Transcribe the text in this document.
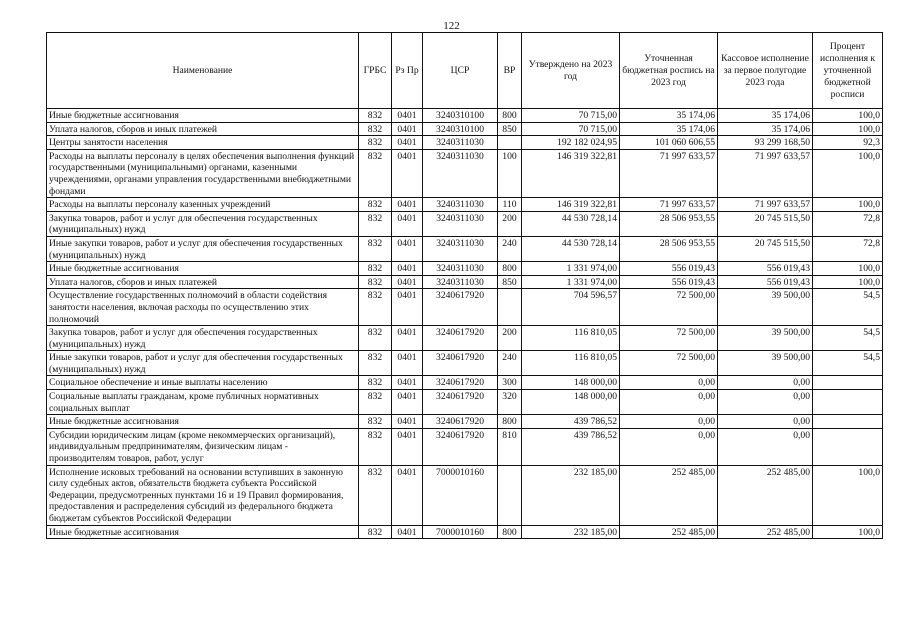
122
Наименование	ГРБС	Рз Пр	ЦСР	ВР	Утверждено на 2023 год	Уточненная бюджетная роспись на 2023 год	Кассовое исполнение за первое полугодие 2023 года	Процент исполнения к уточненной бюджетной росписи
Иные бюджетные ассигнования	832	0401	3240310100	800	70 715,00	35 174,06	35 174,06	100,0
Уплата налогов, сборов и иных платежей	832	0401	3240310100	850	70 715,00	35 174,06	35 174,06	100,0
Центры занятости населения	832	0401	3240311030		192 182 024,95	101 060 606,55	93 299 168,50	92,3
Расходы на выплаты персоналу в целях обеспечения выполнения функций государственными (муниципальными) органами, казенными учреждениями, органами управления государственными внебюджетными фондами	832	0401	3240311030	100	146 319 322,81	71 997 633,57	71 997 633,57	100,0
Расходы на выплаты персоналу казенных учреждений	832	0401	3240311030	110	146 319 322,81	71 997 633,57	71 997 633,57	100,0
Закупка товаров, работ и услуг для обеспечения государственных (муниципальных) нужд	832	0401	3240311030	200	44 530 728,14	28 506 953,55	20 745 515,50	72,8
Иные закупки товаров, работ и услуг для обеспечения государственных (муниципальных) нужд	832	0401	3240311030	240	44 530 728,14	28 506 953,55	20 745 515,50	72,8
Иные бюджетные ассигнования	832	0401	3240311030	800	1 331 974,00	556 019,43	556 019,43	100,0
Уплата налогов, сборов и иных платежей	832	0401	3240311030	850	1 331 974,00	556 019,43	556 019,43	100,0
Осуществление государственных полномочий в области содействия занятости населения, включая расходы по осуществлению этих полномочий	832	0401	3240617920		704 596,57	72 500,00	39 500,00	54,5
Закупка товаров, работ и услуг для обеспечения государственных (муниципальных) нужд	832	0401	3240617920	200	116 810,05	72 500,00	39 500,00	54,5
Иные закупки товаров, работ и услуг для обеспечения государственных (муниципальных) нужд	832	0401	3240617920	240	116 810,05	72 500,00	39 500,00	54,5
Социальное обеспечение и иные выплаты населению	832	0401	3240617920	300	148 000,00	0,00	0,00	
Социальные выплаты гражданам, кроме публичных нормативных социальных выплат	832	0401	3240617920	320	148 000,00	0,00	0,00	
Иные бюджетные ассигнования	832	0401	3240617920	800	439 786,52	0,00	0,00	
Субсидии юридическим лицам (кроме некоммерческих организаций), индивидуальным предпринимателям, физическим лицам - производителям товаров, работ, услуг	832	0401	3240617920	810	439 786,52	0,00	0,00	
Исполнение исковых требований на основании вступивших в законную силу судебных актов, обязательств бюджета субъекта Российской Федерации, предусмотренных пунктами 16 и 19 Правил формирования, предоставления и распределения субсидий из федерального бюджета бюджетам субъектов Российской Федерации	832	0401	7000010160		232 185,00	252 485,00	252 485,00	100,0
Иные бюджетные ассигнования	832	0401	7000010160	800	232 185,00	252 485,00	252 485,00	100,0
